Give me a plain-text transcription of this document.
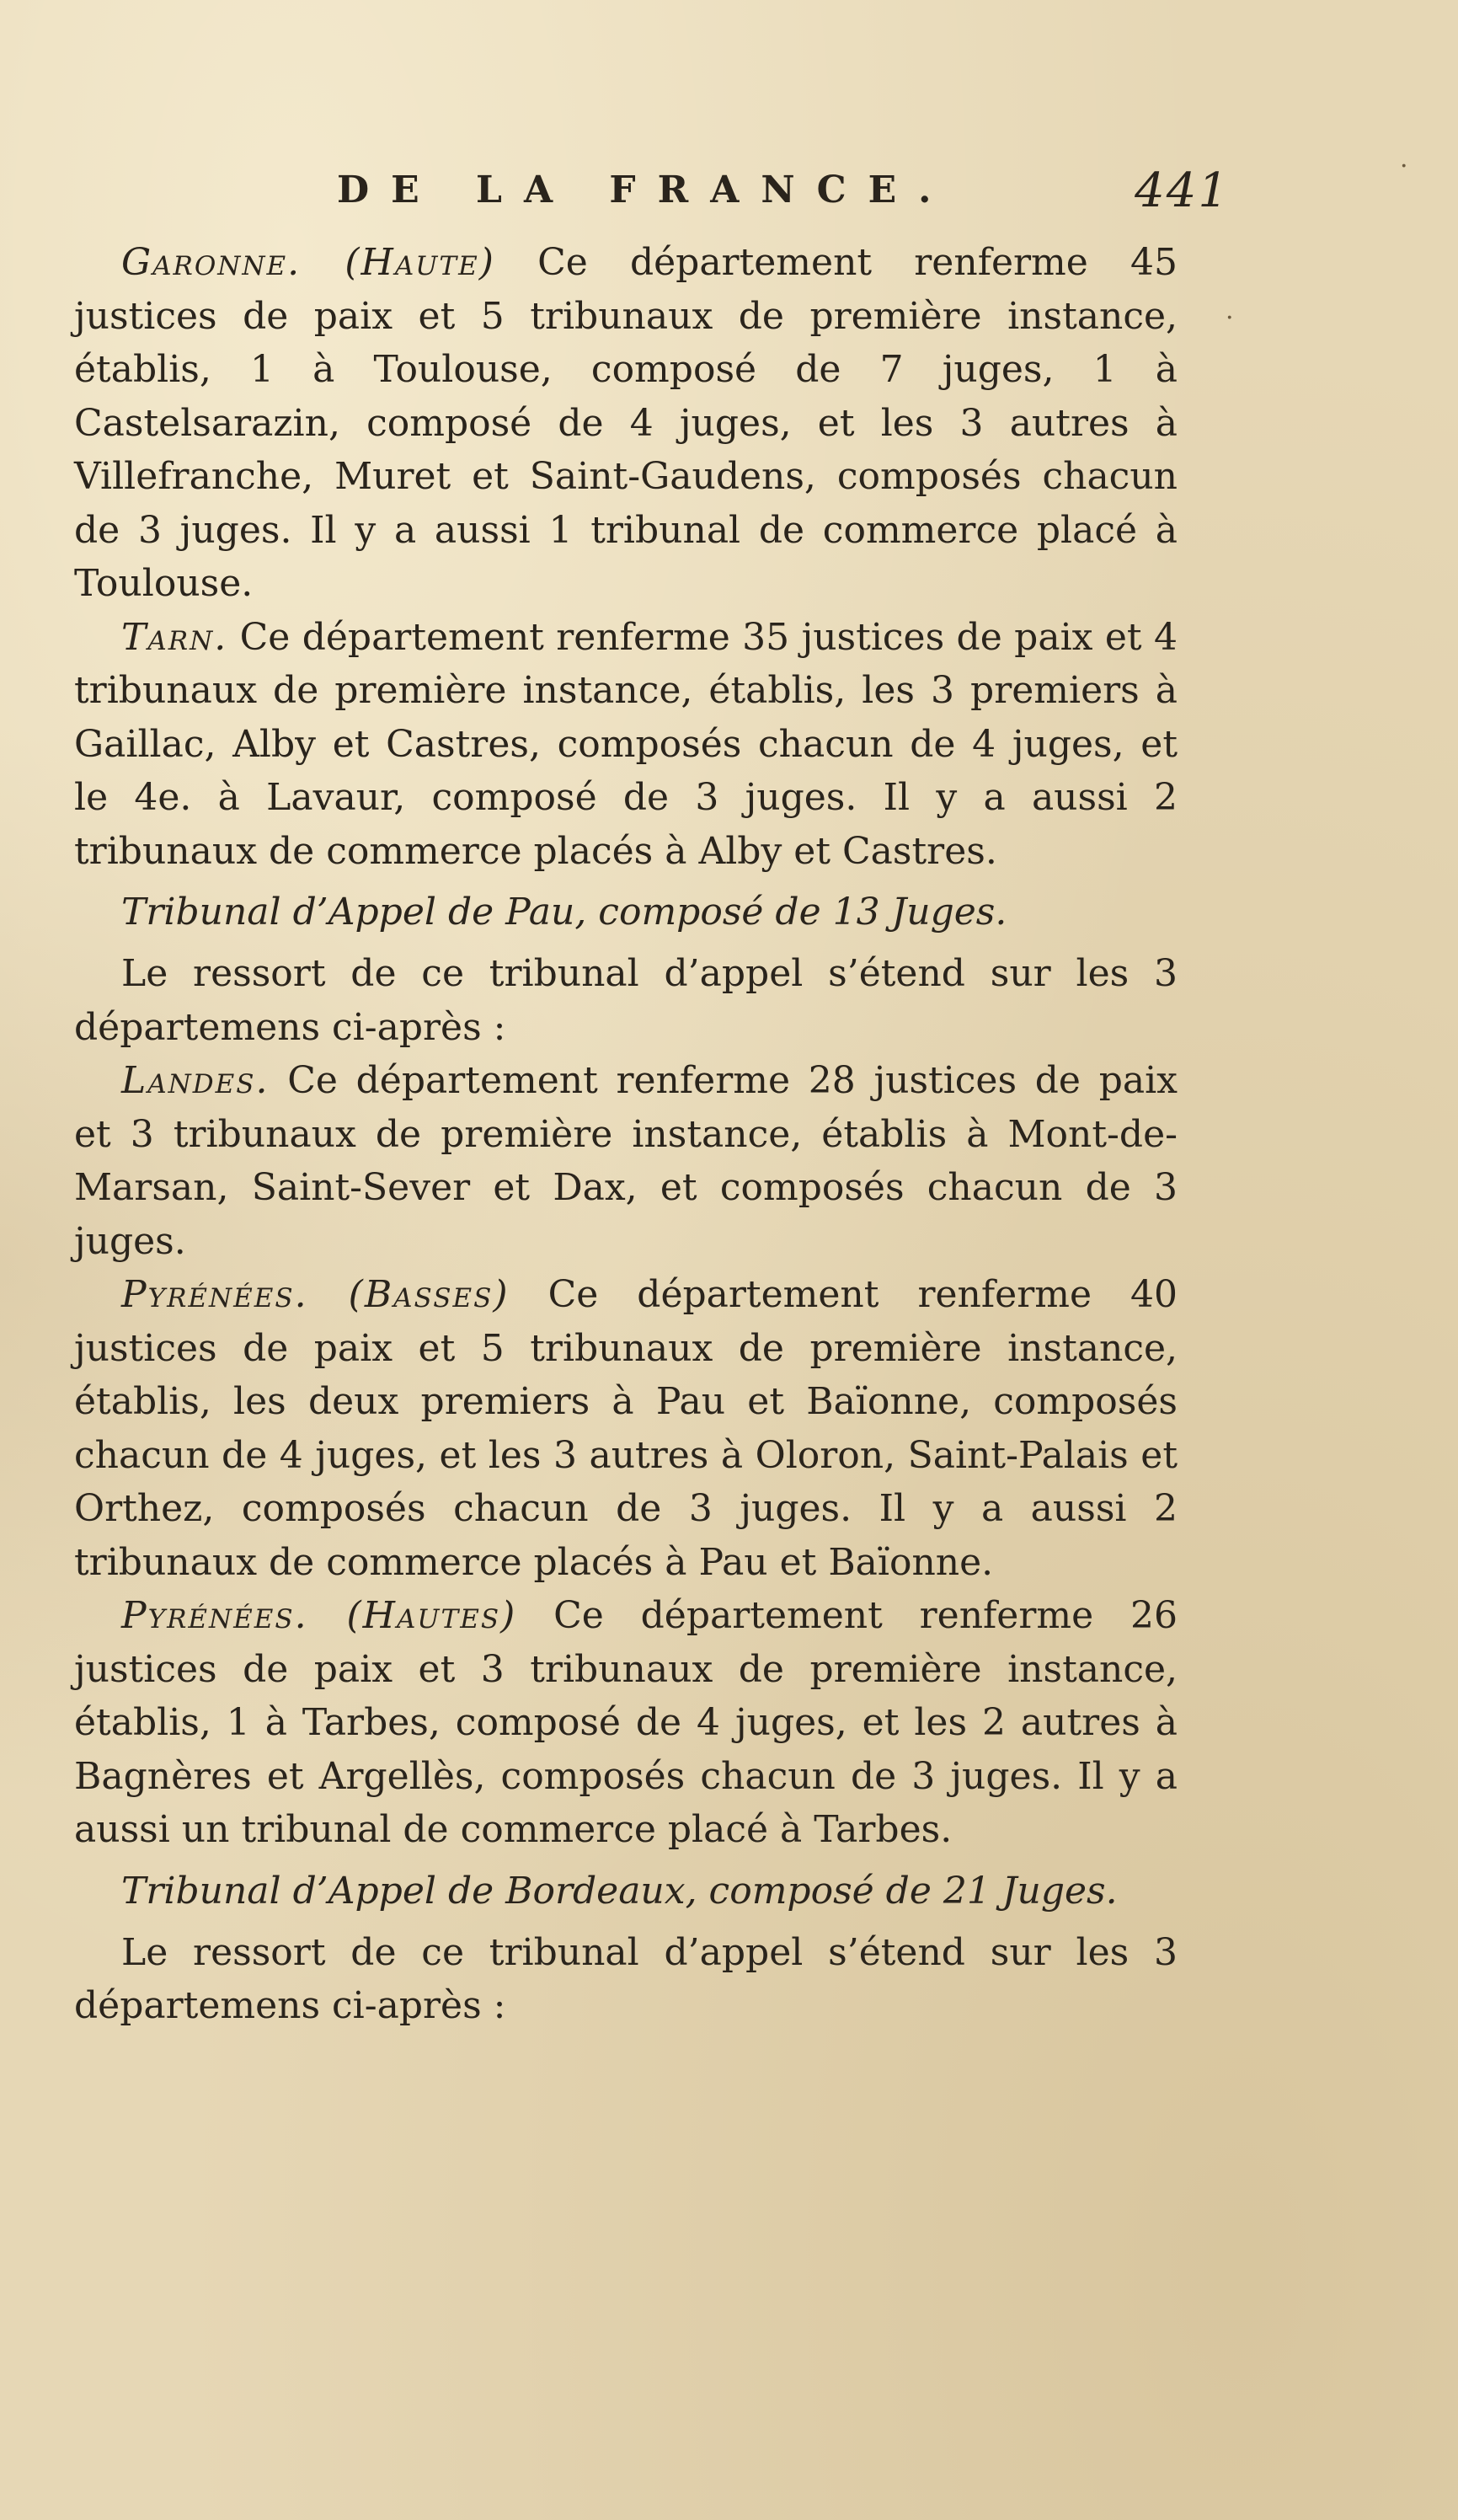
DE LA FRANCE.	441	·
·

Garonne. (Haute) Ce département renferme 45 justices de paix et 5 tribunaux de première instance, établis, 1 à Toulouse, composé de 7 juges, 1 à Castelsarazin, composé de 4 juges, et les 3 autres à Villefranche, Muret et Saint-Gaudens, composés chacun de 3 juges. Il y a aussi 1 tribunal de commerce placé à Toulouse.

Tarn. Ce département renferme 35 justices de paix et 4 tribunaux de première instance, établis, les 3 premiers à Gaillac, Alby et Castres, composés chacun de 4 juges, et le 4e. à Lavaur, composé de 3 juges. Il y a aussi 2 tribunaux de commerce placés à Alby et Castres.

Tribunal d’Appel de Pau, composé de 13 Juges.

Le ressort de ce tribunal d’appel s’étend sur les 3 départemens ci-après :

Landes. Ce département renferme 28 justices de paix et 3 tribunaux de première instance, établis à Mont-de-Marsan, Saint-Sever et Dax, et composés chacun de 3 juges.

Pyrénées. (Basses) Ce département renferme 40 justices de paix et 5 tribunaux de première instance, établis, les deux premiers à Pau et Baïonne, composés chacun de 4 juges, et les 3 autres à Oloron, Saint-Palais et Orthez, composés chacun de 3 juges. Il y a aussi 2 tribunaux de commerce placés à Pau et Baïonne.

Pyrénées. (Hautes) Ce département renferme 26 justices de paix et 3 tribunaux de première instance, établis, 1 à Tarbes, composé de 4 juges, et les 2 autres à Bagnères et Argellès, composés chacun de 3 juges. Il y a aussi un tribunal de commerce placé à Tarbes.

Tribunal d’Appel de Bordeaux, composé de 21 Juges.

Le ressort de ce tribunal d’appel s’étend sur les 3 départemens ci-après :
